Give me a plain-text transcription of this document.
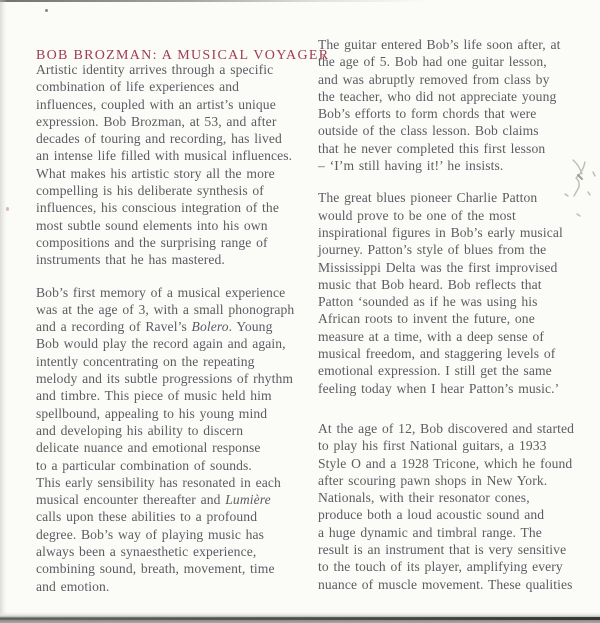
BOB BROZMAN: A MUSICAL VOYAGER

Artistic identity arrives through a specific
combination of life experiences and
influences, coupled with an artist’s unique
expression. Bob Brozman, at 53, and after
decades of touring and recording, has lived
an intense life filled with musical influences.
What makes his artistic story all the more
compelling is his deliberate synthesis of
influences, his conscious integration of the
most subtle sound elements into his own
compositions and the surprising range of
instruments that he has mastered.

Bob’s first memory of a musical experience
was at the age of 3, with a small phonograph
and a recording of Ravel’s Bolero. Young
Bob would play the record again and again,
intently concentrating on the repeating
melody and its subtle progressions of rhythm
and timbre. This piece of music held him
spellbound, appealing to his young mind
and developing his ability to discern
delicate nuance and emotional response
to a particular combination of sounds.
This early sensibility has resonated in each
musical encounter thereafter and Lumière
calls upon these abilities to a profound
degree. Bob’s way of playing music has
always been a synaesthetic experience,
combining sound, breath, movement, time
and emotion.

The guitar entered Bob’s life soon after, at
the age of 5. Bob had one guitar lesson,
and was abruptly removed from class by
the teacher, who did not appreciate young
Bob’s efforts to form chords that were
outside of the class lesson. Bob claims
that he never completed this first lesson
– ‘I’m still having it!’ he insists.

The great blues pioneer Charlie Patton
would prove to be one of the most
inspirational figures in Bob’s early musical
journey. Patton’s style of blues from the
Mississippi Delta was the first improvised
music that Bob heard. Bob reflects that
Patton ‘sounded as if he was using his
African roots to invent the future, one
measure at a time, with a deep sense of
musical freedom, and staggering levels of
emotional expression. I still get the same
feeling today when I hear Patton’s music.’

At the age of 12, Bob discovered and started
to play his first National guitars, a 1933
Style O and a 1928 Tricone, which he found
after scouring pawn shops in New York.
Nationals, with their resonator cones,
produce both a loud acoustic sound and
a huge dynamic and timbral range. The
result is an instrument that is very sensitive
to the touch of its player, amplifying every
nuance of muscle movement. These qualities
